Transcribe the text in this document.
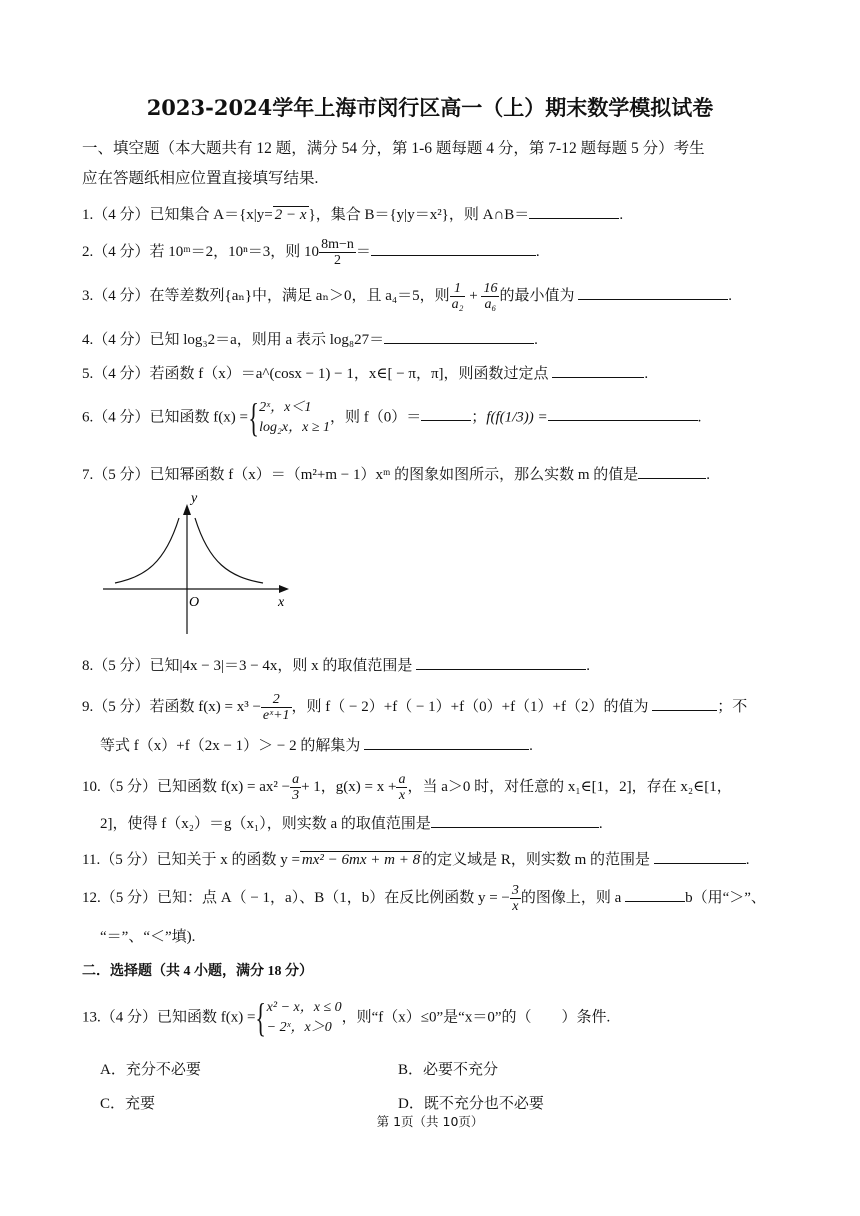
2023-2024学年上海市闵行区高一（上）期末数学模拟试卷
一、填空题（本大题共有 12 题，满分 54 分，第 1-6 题每题 4 分，第 7-12 题每题 5 分）考生
应在答题纸相应位置直接填写结果.
1.（4 分）已知集合 A＝{x|y= 2 − x }，集合 B＝{y|y＝x²}，则 A∩B＝	.
2.（4 分）若 10ᵐ＝2，10ⁿ＝3，则 $10 \frac{8m-n}{2}$ ＝	.
3.（4 分）在等差数列{aₙ}中，满足 aₙ＞0，且 a₄＝5，则 $\frac{1}{\text{a₂}} + \frac{16}{\text{a₆}}$ 的最小值为	.
4.（4 分）已知 log₃2＝a，则用 a 表示 log₈27＝	.
5.（4 分）若函数 f（x）＝a^(cosx − 1) − 1，x∈[ − π，π]，则函数过定点	.
6.（4 分）已知函数 f(x) ={ 2ˣ，x＜1
log₂x，x ≥ 1
，则 f（0）＝	；f(f(1/3)) =	.
7.（5 分）已知幂函数 f（x）＝（m²+m − 1）xᵐ 的图象如图所示，那么实数 m 的值是	.
y
x
O
8.（5 分）已知|4x − 3|＝3 − 4x，则 x 的取值范围是	.
9.（5 分）若函数 $f(x) = x^3 - \frac{2}{\text{eˣ+1}}$ ，则 f（ − 2）+f（ − 1）+f（0）+f（1）+f（2）的值为	；不
等式 f（x）+f（2x − 1）＞ − 2 的解集为	.
10.（5 分）已知函数 $f(x) = ax^2 - \frac{a}{3} + 1$，$g(x) = x + \frac{a}{x}$ ，当 a＞0 时，对任意的 x₁∈[1，2]，存在 x₂∈[1，
2]，使得 f（x₂）＝g（x₁），则实数 a 的取值范围是	.
11.（5 分）已知关于 x 的函数 y = mx² − 6mx + m + 8 的定义域是 R，则实数 m 的范围是	.
12.（5 分）已知：点 A（ − 1，a）、B（1，b）在反比例函数 y = − $\frac{3}{x}$ 的图像上，则 a	b（用“＞”、
“＝”、“＜”填).
二．选择题（共 4 小题，满分 18 分）
13.（4 分）已知函数 f(x) ={ x² − x，x ≤ 0
− 2ˣ，x＞0
，则“f（x）≤0”是“x＝0”的（　　）条件.
A．充分不必要	B．必要不充分
C．充要	D．既不充分也不必要
第 1页（共 10页）
